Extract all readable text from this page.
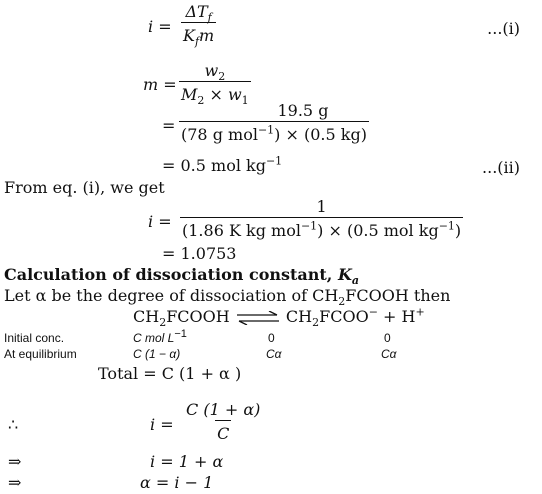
i =
$\Delta T_f$
$K_fm$	...(i)
$m = \frac{w_2}{M_2 \times w_1}$
=
19.5 g
(78 g mol$^{-1}$) × (0.5 kg)
= 0.5 mol $kg^{-1}$	...(ii)
From eq. (i), we get
i =
1
(1.86 K kg mol$^{-1}$) × (0.5 mol $kg^{-1}$)
= 1.0753
Calculation of dissociation constant, $K_a$
Let α be the degree of dissociation of $CH_2FCOOH$ then
$CH_2FCOOH$ ⇌ $CH_2FCOO^- + H^+$
Initial conc.	C mol $L^{-1}$	0	0
At equilibrium	C (1 − α)	Cα	Cα
Total = C (1 + α )
∴	$i = \frac{C (1 + \alpha)}{C}$
⇒	i = 1 + α
⇒	α = i − 1
